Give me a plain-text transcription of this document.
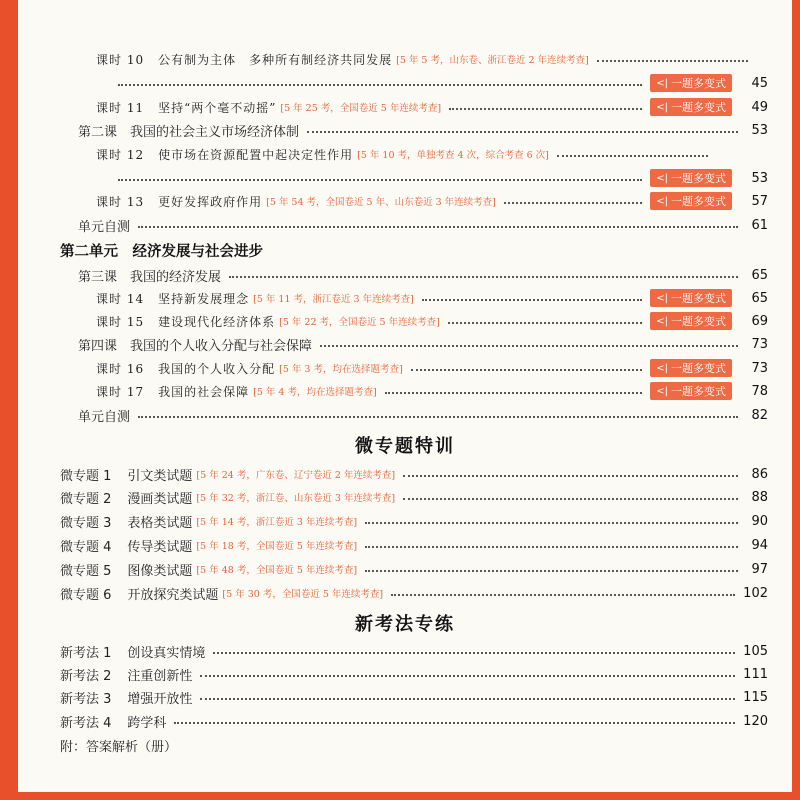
课时 10 公有制为主体　多种所有制经济共同发展 [5 年 5 考，山东卷、浙江卷近 2 年连续考查]
<| 一题多变式	45
课时 11 坚持“两个毫不动摇” [5 年 25 考，全国卷近 5 年连续考查]	<| 一题多变式	49
第二课　我国的社会主义市场经济体制	53
课时 12 使市场在资源配置中起决定性作用 [5 年 10 考，单独考查 4 次，综合考查 6 次]
<| 一题多变式	53
课时 13 更好发挥政府作用 [5 年 54 考，全国卷近 5 年、山东卷近 3 年连续考查]	<| 一题多变式	57
单元自测	61
第二单元　经济发展与社会进步
第三课　我国的经济发展	65
课时 14 坚持新发展理念 [5 年 11 考，浙江卷近 3 年连续考查]	<| 一题多变式	65
课时 15 建设现代化经济体系 [5 年 22 考，全国卷近 5 年连续考查]	<| 一题多变式	69
第四课　我国的个人收入分配与社会保障	73
课时 16 我国的个人收入分配 [5 年 3 考，均在选择题考查]	<| 一题多变式	73
课时 17 我国的社会保障 [5 年 4 考，均在选择题考查]	<| 一题多变式	78
单元自测	82
微专题特训
微专题 1 引文类试题 [5 年 24 考，广东卷、辽宁卷近 2 年连续考查]	86
微专题 2 漫画类试题 [5 年 32 考，浙江卷、山东卷近 3 年连续考查]	88
微专题 3 表格类试题 [5 年 14 考，浙江卷近 3 年连续考查]	90
微专题 4 传导类试题 [5 年 18 考，全国卷近 5 年连续考查]	94
微专题 5 图像类试题 [5 年 48 考，全国卷近 5 年连续考查]	97
微专题 6 开放探究类试题 [5 年 30 考，全国卷近 5 年连续考查]	102
新考法专练
新考法 1 创设真实情境	105
新考法 2 注重创新性	111
新考法 3 增强开放性	115
新考法 4 跨学科	120
附：答案解析（册）
